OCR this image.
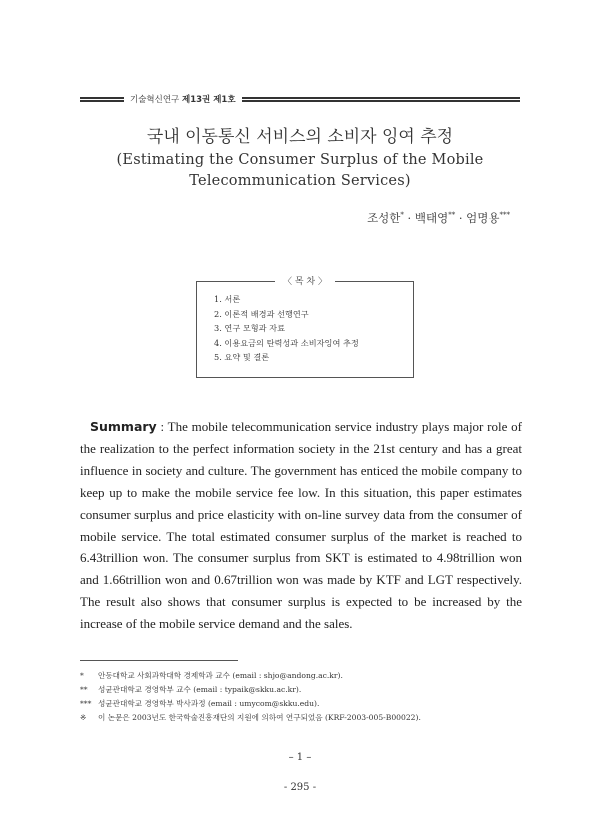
기술혁신연구 제13권 제1호
국내 이동통신 서비스의 소비자 잉여 추정
(Estimating the Consumer Surplus of the Mobile
Telecommunication Services)
조성한* · 백태영** · 엄명용***
〈 목 차 〉
1. 서론
2. 이론적 배경과 선행연구
3. 연구 모형과 자료
4. 이용요금의 탄력성과 소비자잉여 추정
5. 요약 및 결론
Summary : The mobile telecommunication service industry plays major role of the realization to the perfect information society in the 21st century and has a great influence in society and culture. The government has enticed the mobile company to keep up to make the mobile service fee low. In this situation, this paper estimates consumer surplus and price elasticity with on-line survey data from the consumer of mobile service. The total estimated consumer surplus of the market is reached to 6.43trillion won. The consumer surplus from SKT is estimated to 4.98trillion won and 1.66trillion won and 0.67trillion won was made by KTF and LGT respectively. The result also shows that consumer surplus is expected to be increased by the increase of the mobile service demand and the sales.
*	안동대학교 사회과학대학 경제학과 교수 (email : shjo@andong.ac.kr).
**	성균관대학교 경영학부 교수 (email : typaik@skku.ac.kr).
*** 성균관대학교 경영학부 박사과정 (email : umycom@skku.edu).
※	이 논문은 2003년도 한국학술진흥재단의 지원에 의하여 연구되었음 (KRF-2003-005-B00022).
– 1 –
- 295 -
